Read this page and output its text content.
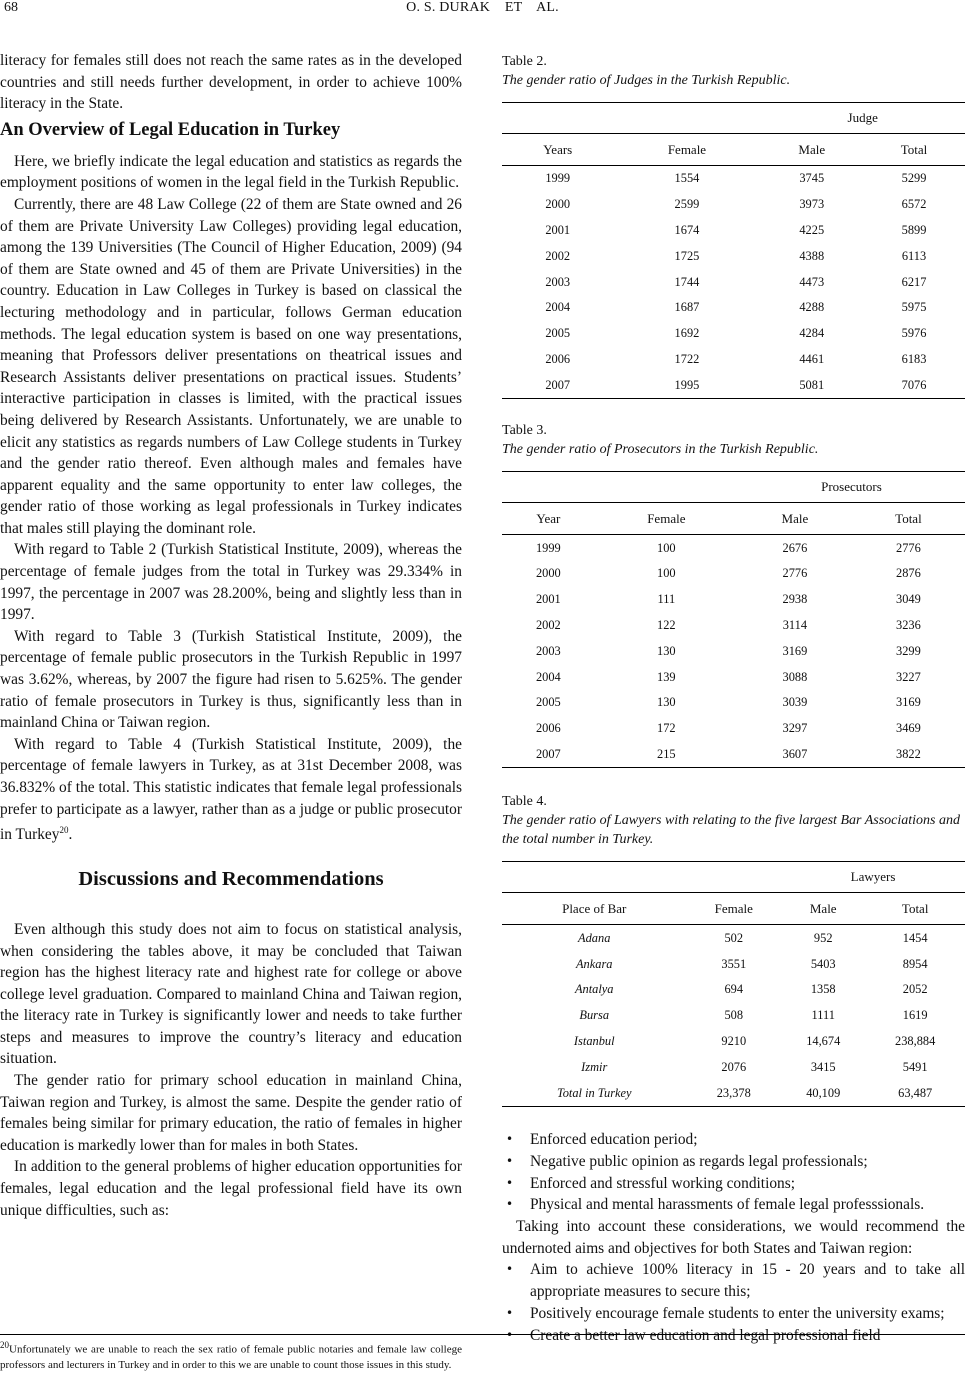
68	O. S. DURAK    ET    AL.

literacy for females still does not reach the same rates as in the developed countries and still needs further development, in order to achieve 100% literacy in the State.

An Overview of Legal Education in Turkey

Here, we briefly indicate the legal education and statistics as regards the employment positions of women in the legal field in the Turkish Republic.

Currently, there are 48 Law College (22 of them are State owned and 26 of them are Private University Law Colleges) providing legal education, among the 139 Universities (The Council of Higher Education, 2009) (94 of them are State owned and 45 of them are Private Universities) in the country. Education in Law Colleges in Turkey is based on classical the lecturing methodology and in particular, follows German education methods. The legal education system is based on one way presentations, meaning that Professors deliver presentations on theatrical issues and Research Assistants deliver presentations on practical issues. Students’ interactive participation in classes is limited, with the practical issues being delivered by Research Assistants. Unfortunately, we are unable to elicit any statistics as regards numbers of Law College students in Turkey and the gender ratio thereof. Even although males and females have apparent equality and the same opportunity to enter law colleges, the gender ratio of those working as legal professionals in Turkey indicates that males still playing the dominant role.

With regard to Table 2 (Turkish Statistical Institute, 2009), whereas the percentage of female judges from the total in Turkey was 29.334% in 1997, the percentage in 2007 was 28.200%, being and slightly less than in 1997.

With regard to Table 3 (Turkish Statistical Institute, 2009), the percentage of female public prosecutors in the Turkish Republic in 1997 was 3.62%, whereas, by 2007 the figure had risen to 5.625%. The gender ratio of female prosecutors in Turkey is thus, significantly less than in mainland China or Taiwan region.

With regard to Table 4 (Turkish Statistical Institute, 2009), the percentage of female lawyers in Turkey, as at 31st December 2008, was 36.832% of the total. This statistic indicates that female legal professionals prefer to participate as a lawyer, rather than as a judge or public prosecutor in Turkey$^{20}$.

Discussions and Recommendations

Even although this study does not aim to focus on statistical analysis, when considering the tables above, it may be concluded that Taiwan region has the highest literacy rate and highest rate for college or above college level graduation. Compared to mainland China and Taiwan region, the literacy rate in Turkey is significantly lower and needs to take further steps and measures to improve the country’s literacy and education situation.

The gender ratio for primary school education in mainland China, Taiwan region and Turkey, is almost the same. Despite the gender ratio of females being similar for primary education, the ratio of females in higher education is markedly lower than for males in both States.

In addition to the general problems of higher education opportunities for females, legal education and the legal professional field have its own unique difficulties, such as:

Table 2.
The gender ratio of Judges in the Turkish Republic.
		Judge	
Years	Female	Male	Total
1999	1554	3745	5299
2000	2599	3973	6572
2001	1674	4225	5899
2002	1725	4388	6113
2003	1744	4473	6217
2004	1687	4288	5975
2005	1692	4284	5976
2006	1722	4461	6183
2007	1995	5081	7076
Table 3.
The gender ratio of Prosecutors in the Turkish Republic.
		Prosecutors	
Year	Female	Male	Total
1999	100	2676	2776
2000	100	2776	2876
2001	111	2938	3049
2002	122	3114	3236
2003	130	3169	3299
2004	139	3088	3227
2005	130	3039	3169
2006	172	3297	3469
2007	215	3607	3822
Table 4.
The gender ratio of Lawyers with relating to the five largest Bar Associations and the total number in Turkey.
		Lawyers	
Place of Bar	Female	Male	Total
Adana	502	952	1454
Ankara	3551	5403	8954
Antalya	694	1358	2052
Bursa	508	1111	1619
Istanbul	9210	14,674	238,884
Izmir	2076	3415	5491
Total in Turkey	23,378	40,109	63,487
• Enforced education period;
• Negative public opinion as regards legal professionals;
• Enforced and stressful working conditions;
• Physical and mental harassments of female legal professsionals.

Taking into account these considerations, we would recommend the undernoted aims and objectives for both States and Taiwan region:

• Aim to achieve 100% literacy in 15 - 20 years and to take all appropriate measures to secure this;
• Positively encourage female students to enter the university exams;
• Create a better law education and legal professional field
$^{20}$Unfortunately we are unable to reach the sex ratio of female public notaries and female law college professors and lecturers in Turkey and in order to this we are unable to count those issues in this study.
